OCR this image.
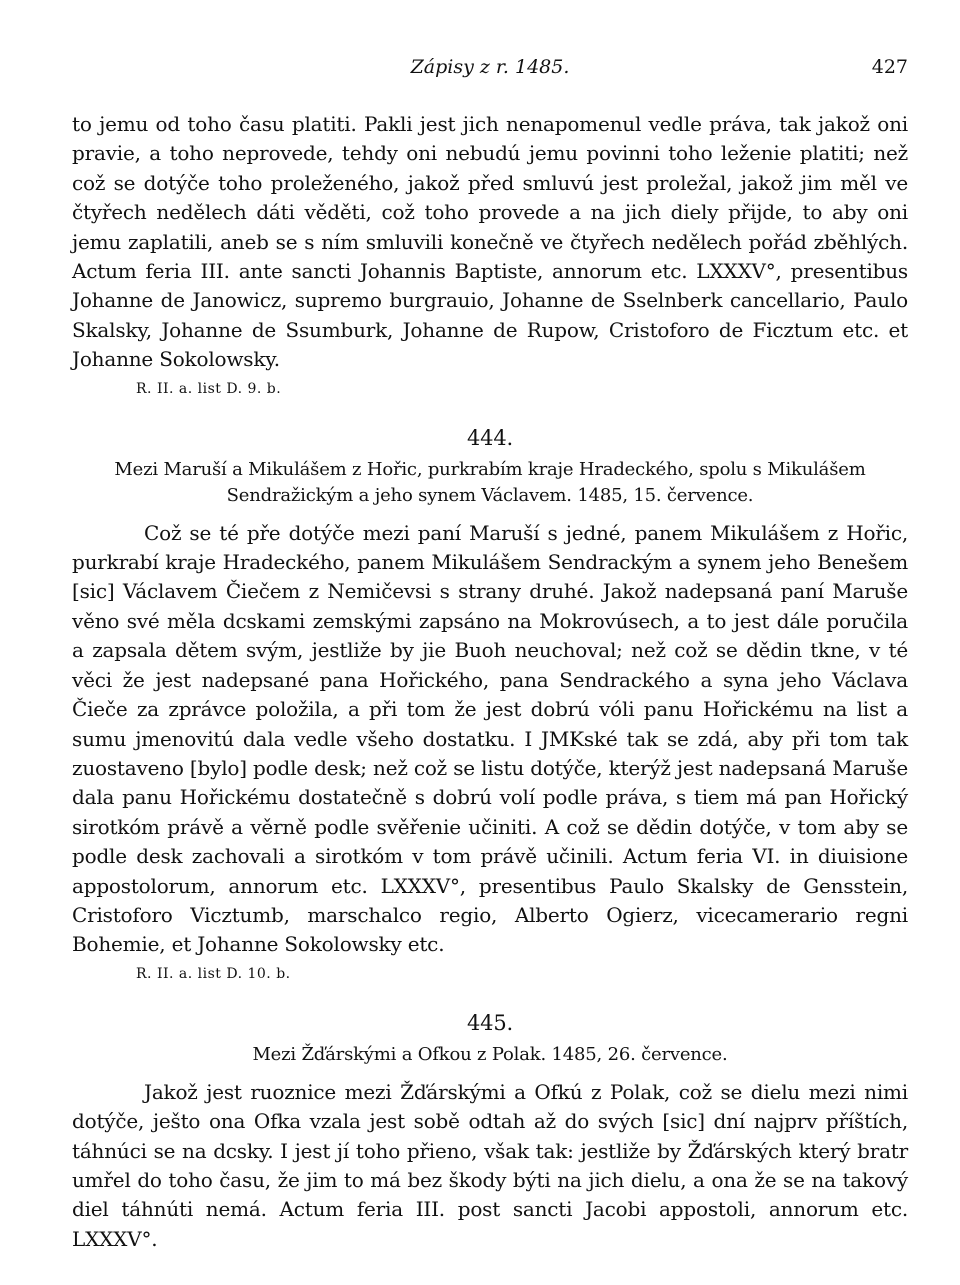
Zápisy z r. 1485.	427

to jemu od toho času platiti. Pakli jest jich nenapomenul vedle práva, tak jakož oni pravie, a toho neprovede, tehdy oni nebudú jemu povinni toho leženie platiti; než což se dotýče toho proleženého, jakož před smluvú jest proležal, jakož jim měl ve čtyřech nedělech dáti věděti, což toho provede a na jich diely přijde, to aby oni jemu zaplatili, aneb se s ním smluvili konečně ve čtyřech nedělech pořád zběhlých. Actum feria III. ante sancti Johannis Baptiste, annorum etc. LXXXV°, presentibus Johanne de Janowicz, supremo burgrauio, Johanne de Sselnberk cancellario, Paulo Skalsky, Johanne de Ssumburk, Johanne de Rupow, Cristoforo de Ficztum etc. et Johanne Sokolowsky.

R. II. a. list D. 9. b.
444.
Mezi Maruší a Mikulášem z Hořic, purkrabím kraje Hradeckého, spolu s Mikulášem Sendražickým a jeho synem Václavem. 1485, 15. července.

Což se té pře dotýče mezi paní Maruší s jedné, panem Mikulášem z Hořic, purkrabí kraje Hradeckého, panem Mikulášem Sendrackým a synem jeho Benešem [sic] Václavem Čiečem z Nemičevsi s strany druhé. Jakož nadepsaná paní Maruše věno své měla dcskami zemskými zapsáno na Mokrovúsech, a to jest dále poručila a zapsala dětem svým, jestliže by jie Buoh neuchoval; než což se dědin tkne, v té věci že jest nadepsané pana Hořického, pana Sendrackého a syna jeho Václava Čieče za zprávce položila, a při tom že jest dobrú vóli panu Hořickému na list a sumu jmenovitú dala vedle všeho dostatku. I JMKské tak se zdá, aby při tom tak zuostaveno [bylo] podle desk; než což se listu dotýče, kterýž jest nadepsaná Maruše dala panu Hořickému dostatečně s dobrú volí podle práva, s tiem má pan Hořický sirotkóm právě a věrně podle svěřenie učiniti. A což se dědin dotýče, v tom aby se podle desk zachovali a sirotkóm v tom právě učinili. Actum feria VI. in diuisione appostolorum, annorum etc. LXXXV°, presentibus Paulo Skalsky de Gensstein, Cristoforo Vicztumb, marschalco regio, Alberto Ogierz, vicecamerario regni Bohemie, et Johanne Sokolowsky etc.

R. II. a. list D. 10. b.
445.
Mezi Žďárskými a Ofkou z Polak. 1485, 26. července.

Jakož jest ruoznice mezi Žďárskými a Ofkú z Polak, což se dielu mezi nimi dotýče, ješto ona Ofka vzala jest sobě odtah až do svých [sic] dní najprv příštích, táhnúci se na dcsky. I jest jí toho přieno, však tak: jestliže by Žďárských který bratr umřel do toho času, že jim to má bez škody býti na jich dielu, a ona že se na takový diel táhnúti nemá. Actum feria III. post sancti Jacobi appostoli, annorum etc. LXXXV°.
